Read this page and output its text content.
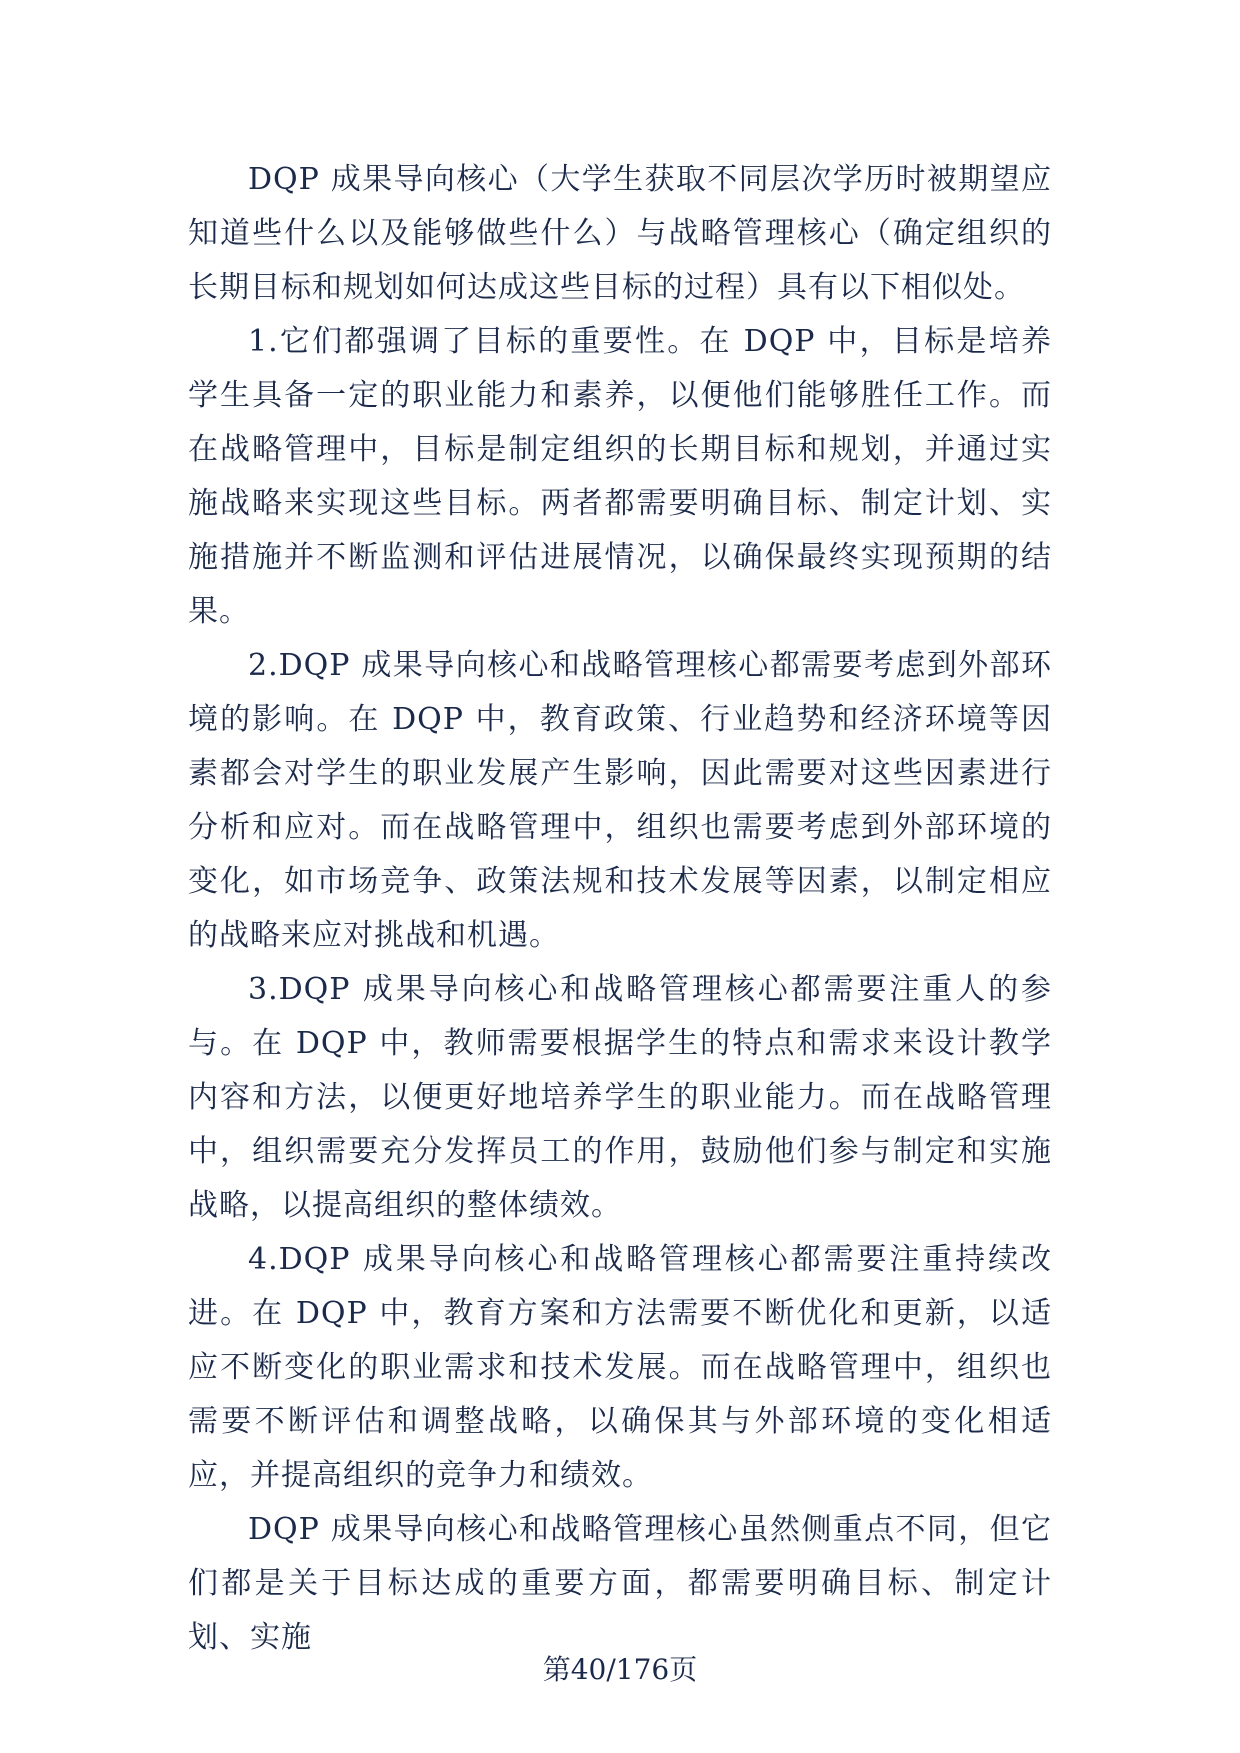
DQP 成果导向核心（大学生获取不同层次学历时被期望应知道些什么以及能够做些什么）与战略管理核心（确定组织的长期目标和规划如何达成这些目标的过程）具有以下相似处。

1.它们都强调了目标的重要性。在 DQP 中，目标是培养学生具备一定的职业能力和素养，以便他们能够胜任工作。而在战略管理中，目标是制定组织的长期目标和规划，并通过实施战略来实现这些目标。两者都需要明确目标、制定计划、实施措施并不断监测和评估进展情况，以确保最终实现预期的结果。

2.DQP 成果导向核心和战略管理核心都需要考虑到外部环境的影响。在 DQP 中，教育政策、行业趋势和经济环境等因素都会对学生的职业发展产生影响，因此需要对这些因素进行分析和应对。而在战略管理中，组织也需要考虑到外部环境的变化，如市场竞争、政策法规和技术发展等因素，以制定相应的战略来应对挑战和机遇。

3.DQP 成果导向核心和战略管理核心都需要注重人的参与。在 DQP 中，教师需要根据学生的特点和需求来设计教学内容和方法，以便更好地培养学生的职业能力。而在战略管理中，组织需要充分发挥员工的作用，鼓励他们参与制定和实施战略，以提高组织的整体绩效。

4.DQP 成果导向核心和战略管理核心都需要注重持续改进。在 DQP 中，教育方案和方法需要不断优化和更新，以适应不断变化的职业需求和技术发展。而在战略管理中，组织也需要不断评估和调整战略，以确保其与外部环境的变化相适应，并提高组织的竞争力和绩效。

DQP 成果导向核心和战略管理核心虽然侧重点不同，但它们都是关于目标达成的重要方面，都需要明确目标、制定计划、实施

第40/176页
